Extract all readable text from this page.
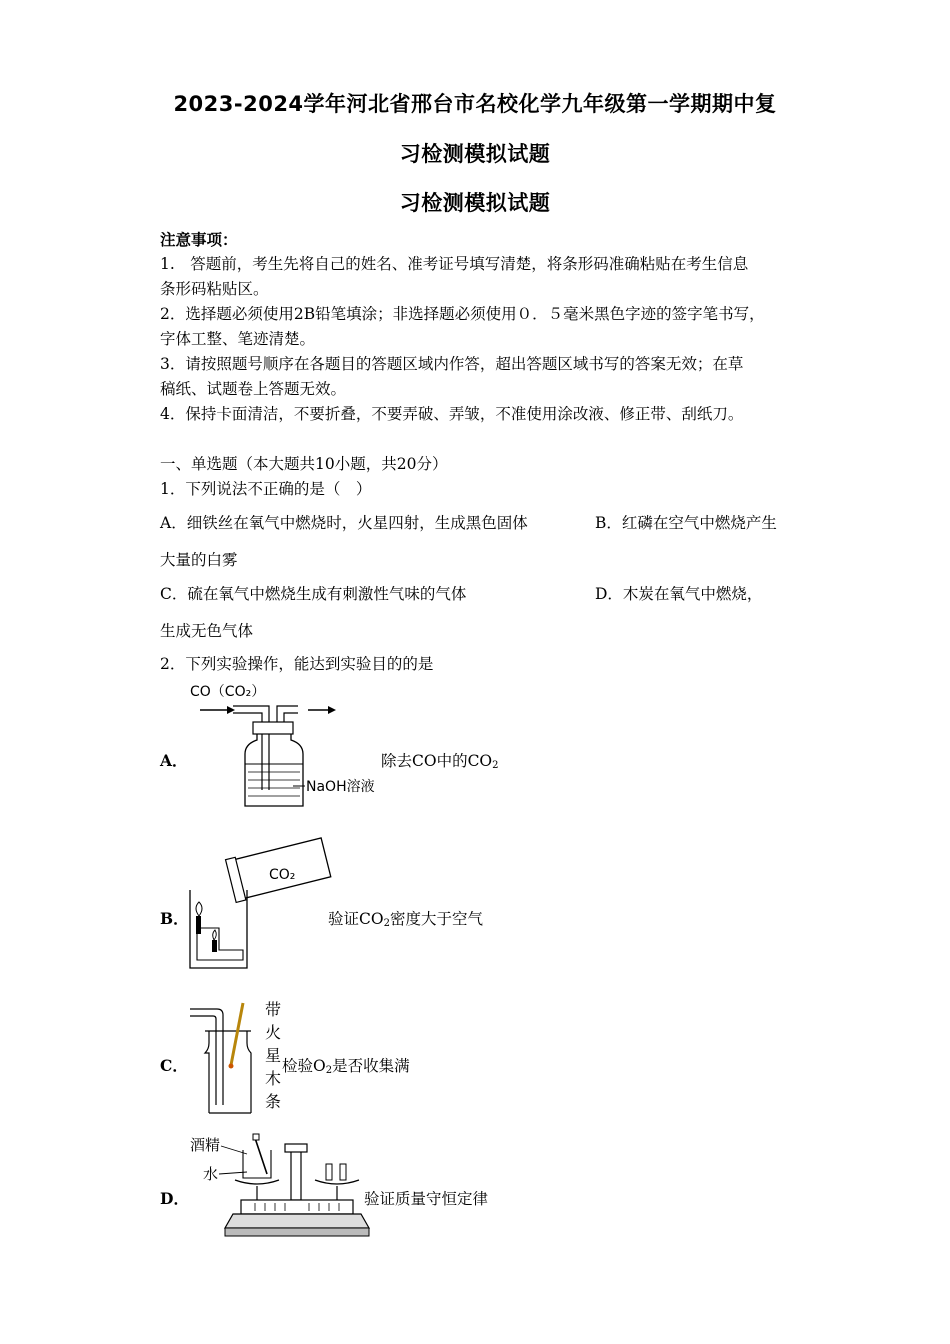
2023-2024学年河北省邢台市名校化学九年级第一学期期中复
习检测模拟试题
习检测模拟试题
注意事项：
1.　答题前，考生先将自己的姓名、准考证号填写清楚，将条形码准确粘贴在考生信息
条形码粘贴区。
2．选择题必须使用2B铅笔填涂；非选择题必须使用０．５毫米黑色字迹的签字笔书写，
字体工整、笔迹清楚。
3．请按照题号顺序在各题目的答题区域内作答，超出答题区域书写的答案无效；在草
稿纸、试题卷上答题无效。
4．保持卡面清洁，不要折叠，不要弄破、弄皱，不准使用涂改液、修正带、刮纸刀。
一、单选题（本大题共10小题，共20分）
1．下列说法不正确的是（　）
A．细铁丝在氧气中燃烧时，火星四射，生成黑色固体	B．红磷在空气中燃烧产生
大量的白雾
C．硫在氧气中燃烧生成有刺激性气味的气体	D．木炭在氧气中燃烧，
生成无色气体
2．下列实验操作，能达到实验目的的是
A．
CO（CO₂）
NaOH溶液
除去CO中的$CO_2$
B．
CO₂
验证$CO_2$密度大于空气
C．
带
火
星
木
条
检验$O_2$是否收集满
D．
酒精
水
验证质量守恒定律
